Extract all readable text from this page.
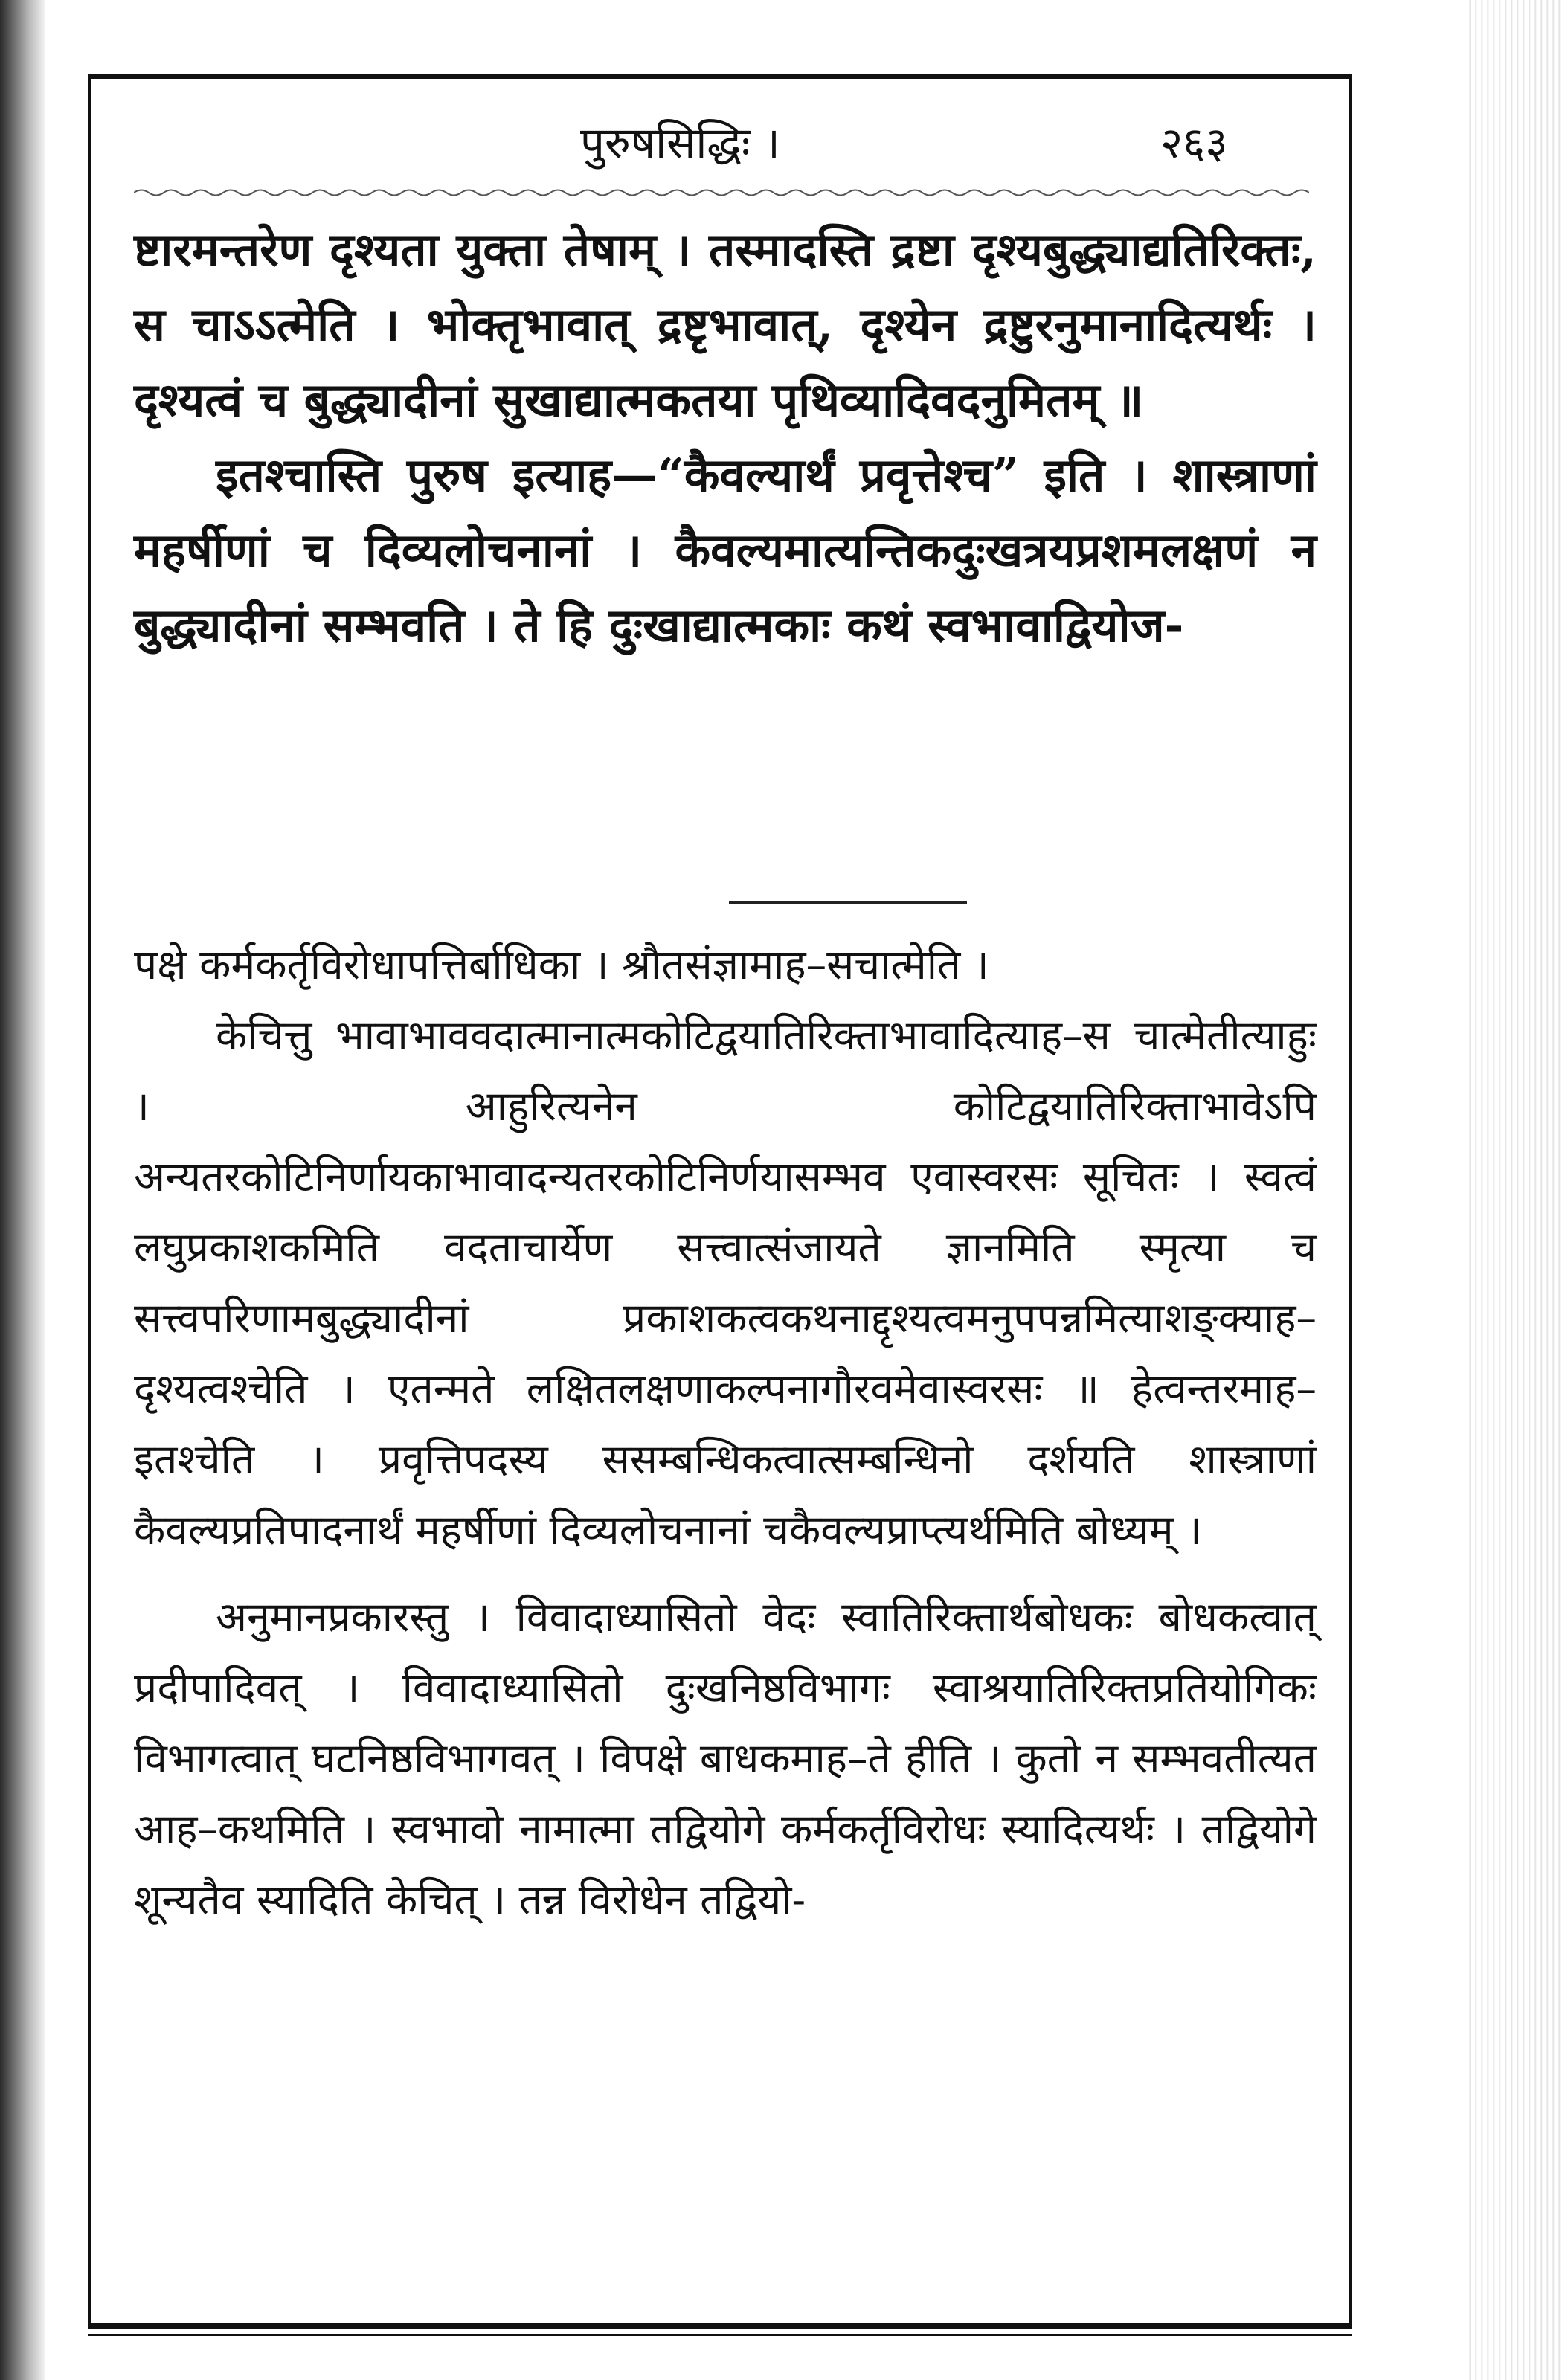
पुरुषसिद्धिः ।	२६३

ष्टारमन्तरेण दृश्यता युक्ता तेषाम् । तस्मादस्ति द्रष्टा दृश्यबुद्ध्याद्यतिरिक्तः, स चाऽऽत्मेति । भोक्तृभावात् द्रष्टृभावात्, दृश्येन द्रष्टुरनुमानादित्यर्थः । दृश्यत्वं च बुद्ध्यादीनां सुखाद्यात्मकतया पृथिव्यादिवदनुमितम् ॥

इतश्चास्ति पुरुष इत्याह—“कैवल्यार्थं प्रवृत्तेश्च” इति । शास्त्राणां महर्षीणां च दिव्यलोचनानां । कैवल्यमात्यन्तिकदुःखत्रयप्रशमलक्षणं न बुद्ध्यादीनां सम्भवति । ते हि दुःखाद्यात्मकाः कथं स्वभावाद्वियोज-

पक्षे कर्मकर्तृविरोधापत्तिर्बाधिका । श्रौतसंज्ञामाह–सचात्मेति ।

केचित्तु भावाभाववदात्मानात्मकोटिद्वयातिरिक्ताभावादित्याह–स चात्मेतीत्याहुः । आहुरित्यनेन कोटिद्वयातिरिक्ताभावेऽपि अन्यतरकोटिनिर्णायकाभावादन्यतरकोटिनिर्णयासम्भव एवास्वरसः सूचितः । स्वत्वं लघुप्रकाशकमिति वदताचार्येण सत्त्वात्संजायते ज्ञानमिति स्मृत्या च सत्त्वपरिणामबुद्ध्यादीनां प्रकाशकत्वकथनाद्दृश्यत्वमनुपपन्नमित्याशङ्क्याह–दृश्यत्वश्चेति । एतन्मते लक्षितलक्षणाकल्पनागौरवमेवास्वरसः ॥ हेत्वन्तरमाह–इतश्चेति । प्रवृत्तिपदस्य ससम्बन्धिकत्वात्सम्बन्धिनो दर्शयति शास्त्राणां कैवल्यप्रतिपादनार्थं महर्षीणां दिव्यलोचनानां चकैवल्यप्राप्त्यर्थमिति बोध्यम् ।

अनुमानप्रकारस्तु । विवादाध्यासितो वेदः स्वातिरिक्तार्थबोधकः बोधकत्वात् प्रदीपादिवत् । विवादाध्यासितो दुःखनिष्ठविभागः स्वाश्रयातिरिक्तप्रतियोगिकः विभागत्वात् घटनिष्ठविभागवत् । विपक्षे बाधकमाह–ते हीति । कुतो न सम्भवतीत्यत आह–कथमिति । स्वभावो नामात्मा तद्वियोगे कर्मकर्तृविरोधः स्यादित्यर्थः । तद्वियोगे शून्यतैव स्यादिति केचित् । तन्न विरोधेन तद्वियो-
